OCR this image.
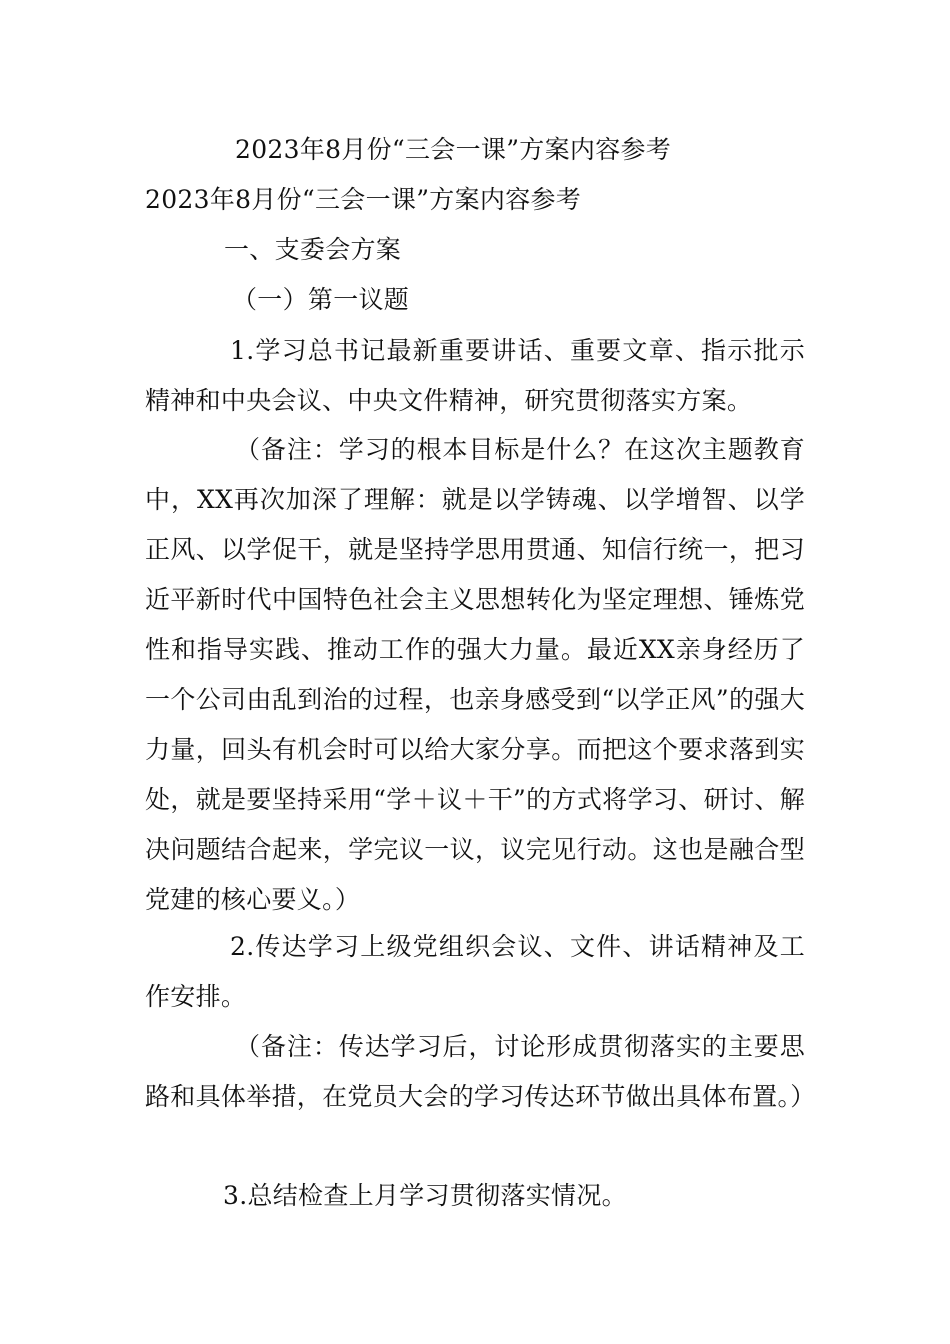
2023年8月份“三会一课”方案内容参考
2023年8月份“三会一课”方案内容参考
一、支委会方案
（一）第一议题
1.学习总书记最新重要讲话、重要文章、指示批示精神和中央会议、中央文件精神，研究贯彻落实方案。
（备注：学习的根本目标是什么？在这次主题教育中，XX再次加深了理解：就是以学铸魂、以学增智、以学正风、以学促干，就是坚持学思用贯通、知信行统一，把习近平新时代中国特色社会主义思想转化为坚定理想、锤炼党性和指导实践、推动工作的强大力量。最近XX亲身经历了一个公司由乱到治的过程，也亲身感受到“以学正风”的强大力量，回头有机会时可以给大家分享。而把这个要求落到实处，就是要坚持采用“学＋议＋干”的方式将学习、研讨、解决问题结合起来，学完议一议，议完见行动。这也是融合型党建的核心要义。）
2.传达学习上级党组织会议、文件、讲话精神及工作安排。
（备注：传达学习后，讨论形成贯彻落实的主要思路和具体举措，在党员大会的学习传达环节做出具体布置。）
3.总结检查上月学习贯彻落实情况。
